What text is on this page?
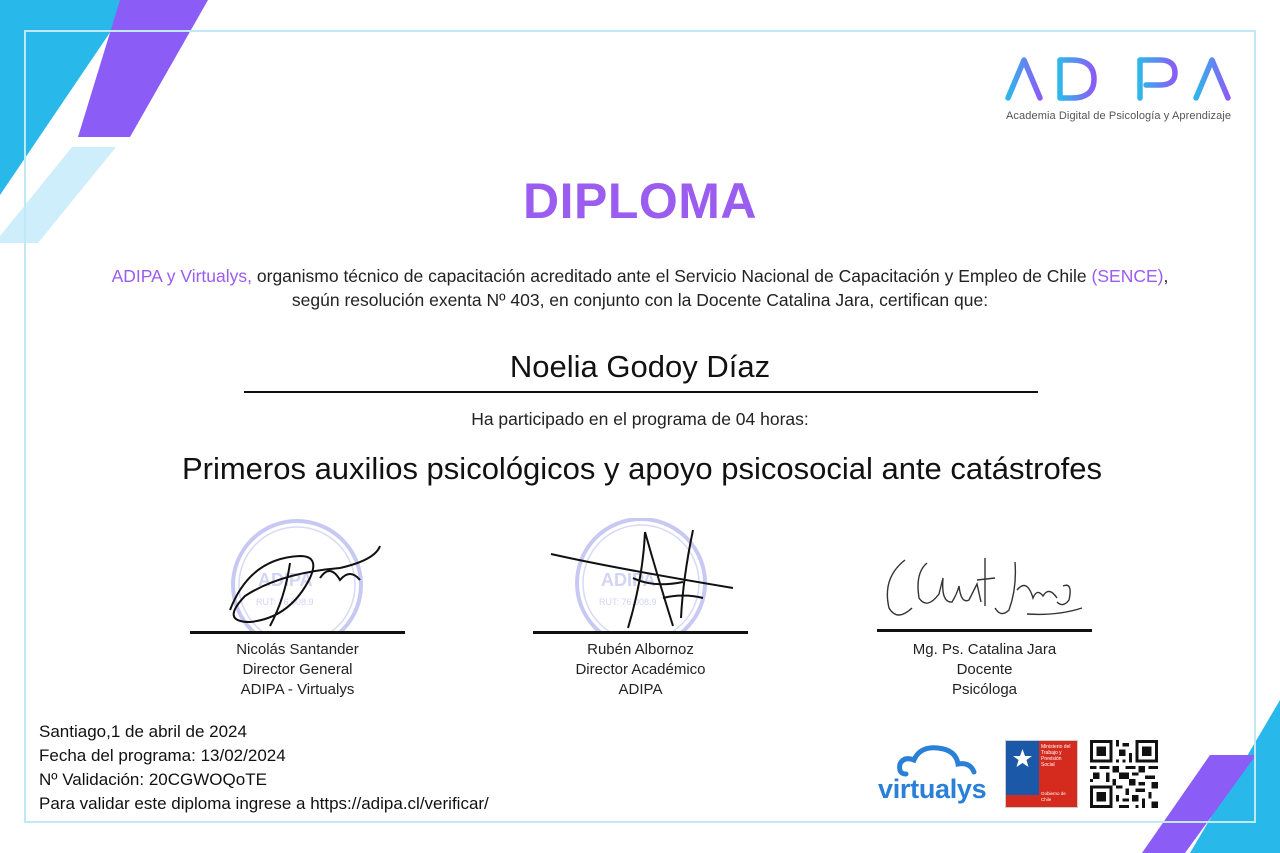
Academia Digital de Psicología y Aprendizaje
DIPLOMA
ADIPA y Virtualys, organismo técnico de capacitación acreditado ante el Servicio Nacional de Capacitación y Empleo de Chile (SENCE), según resolución exenta Nº 403, en conjunto con la Docente Catalina Jara, certifican que:
Noelia Godoy Díaz
Ha participado en el programa de 04 horas:
Primeros auxilios psicológicos y apoyo psicosocial ante catástrofes
ADIPA
RUT: 76.008.9
Nicolás Santander
Director General
ADIPA - Virtualys
ADIPA
RUT: 76.008.9
Rubén Albornoz
Director Académico
ADIPA
Mg. Ps. Catalina Jara
Docente
Psicóloga
Santiago,1 de abril de 2024
Fecha del programa: 13/02/2024
Nº Validación: 20CGWOQoTE
Para validar este diploma ingrese a https://adipa.cl/verificar/	virtualys
Ministerio del
Trabajo y
Previsión
Social
Gobierno de Chile
